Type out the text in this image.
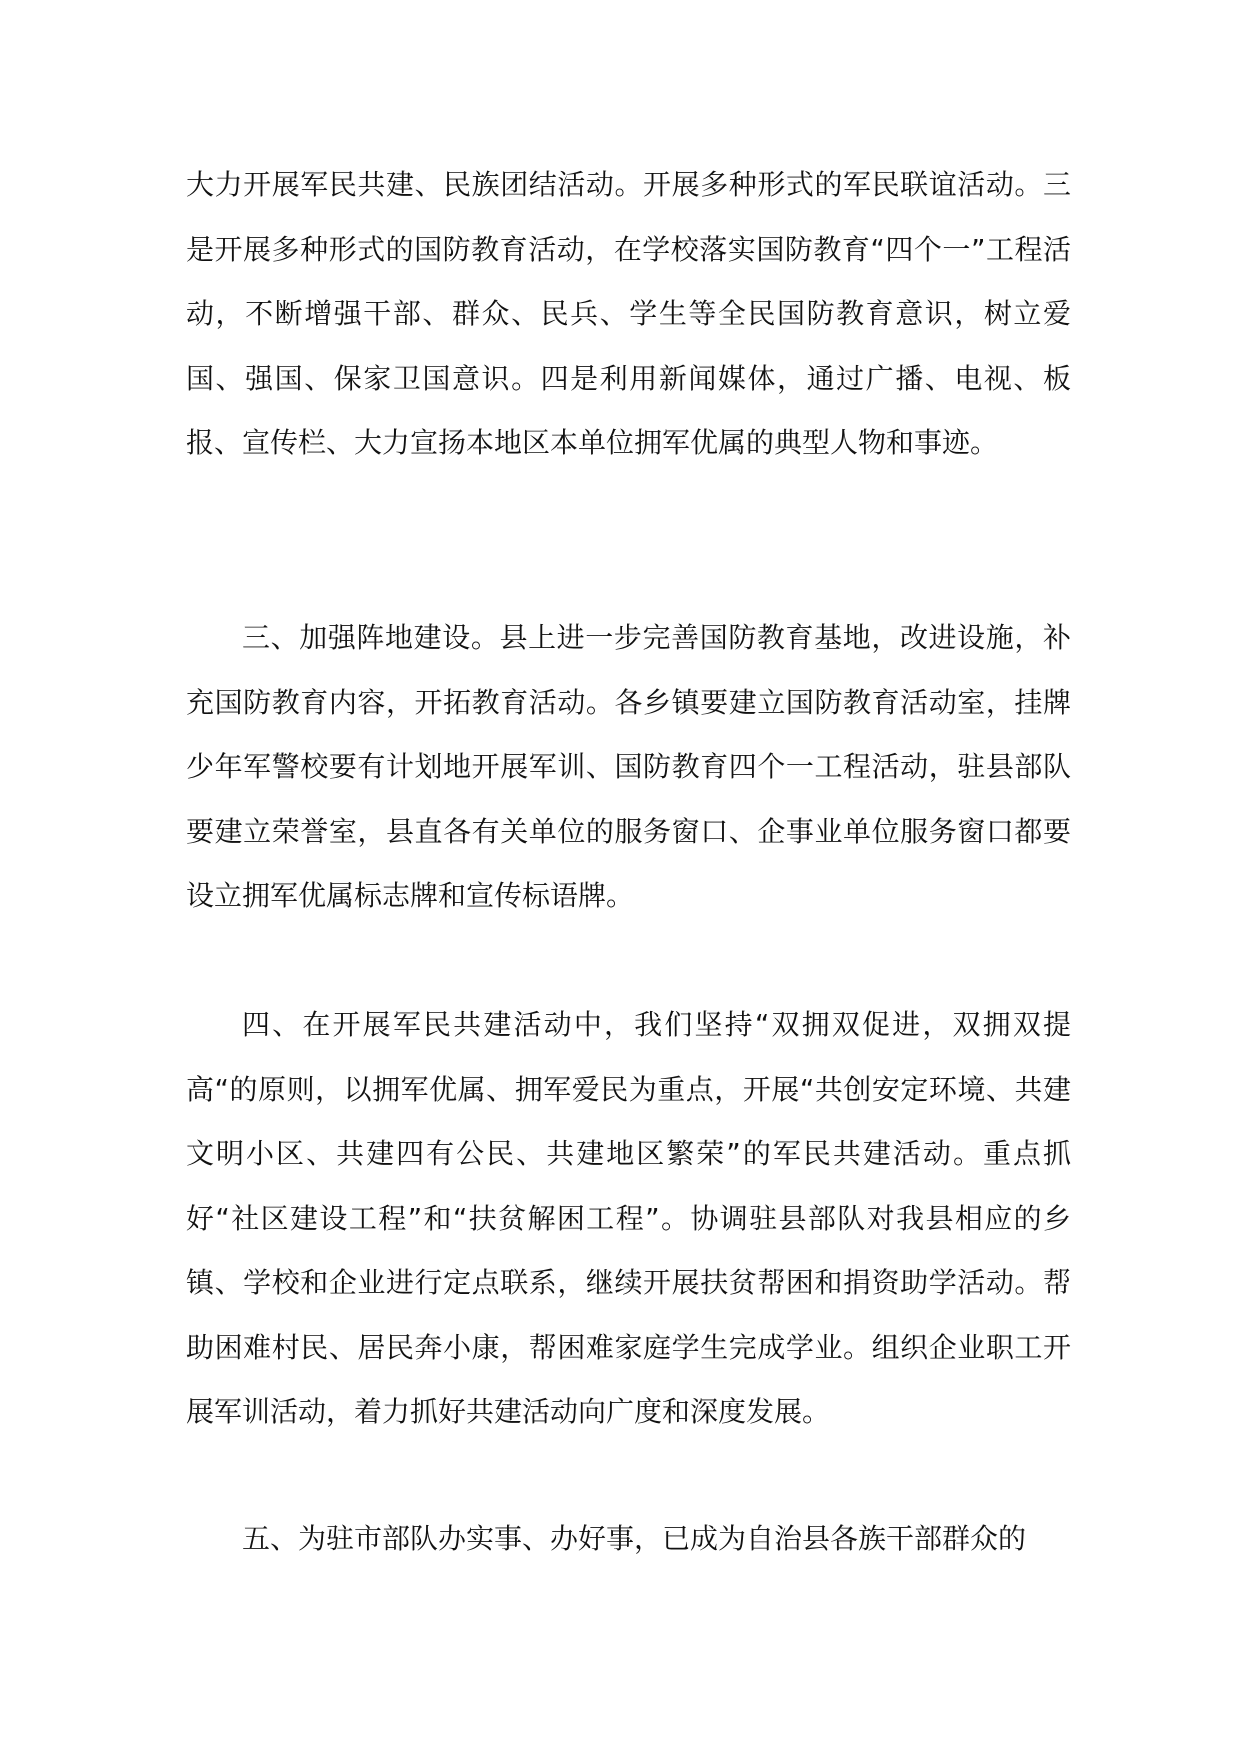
大力开展军民共建、民族团结活动。开展多种形式的军民联谊活动。三是开展多种形式的国防教育活动，在学校落实国防教育“四个一”工程活动，不断增强干部、群众、民兵、学生等全民国防教育意识，树立爱国、强国、保家卫国意识。四是利用新闻媒体，通过广播、电视、板报、宣传栏、大力宣扬本地区本单位拥军优属的典型人物和事迹。

三、加强阵地建设。县上进一步完善国防教育基地，改进设施，补充国防教育内容，开拓教育活动。各乡镇要建立国防教育活动室，挂牌少年军警校要有计划地开展军训、国防教育四个一工程活动，驻县部队要建立荣誉室，县直各有关单位的服务窗口、企事业单位服务窗口都要设立拥军优属标志牌和宣传标语牌。

四、在开展军民共建活动中，我们坚持“双拥双促进，双拥双提高“的原则，以拥军优属、拥军爱民为重点，开展“共创安定环境、共建文明小区、共建四有公民、共建地区繁荣”的军民共建活动。重点抓好“社区建设工程”和“扶贫解困工程”。协调驻县部队对我县相应的乡镇、学校和企业进行定点联系，继续开展扶贫帮困和捐资助学活动。帮助困难村民、居民奔小康，帮困难家庭学生完成学业。组织企业职工开展军训活动，着力抓好共建活动向广度和深度发展。

五、为驻市部队办实事、办好事，已成为自治县各族干部群众的
